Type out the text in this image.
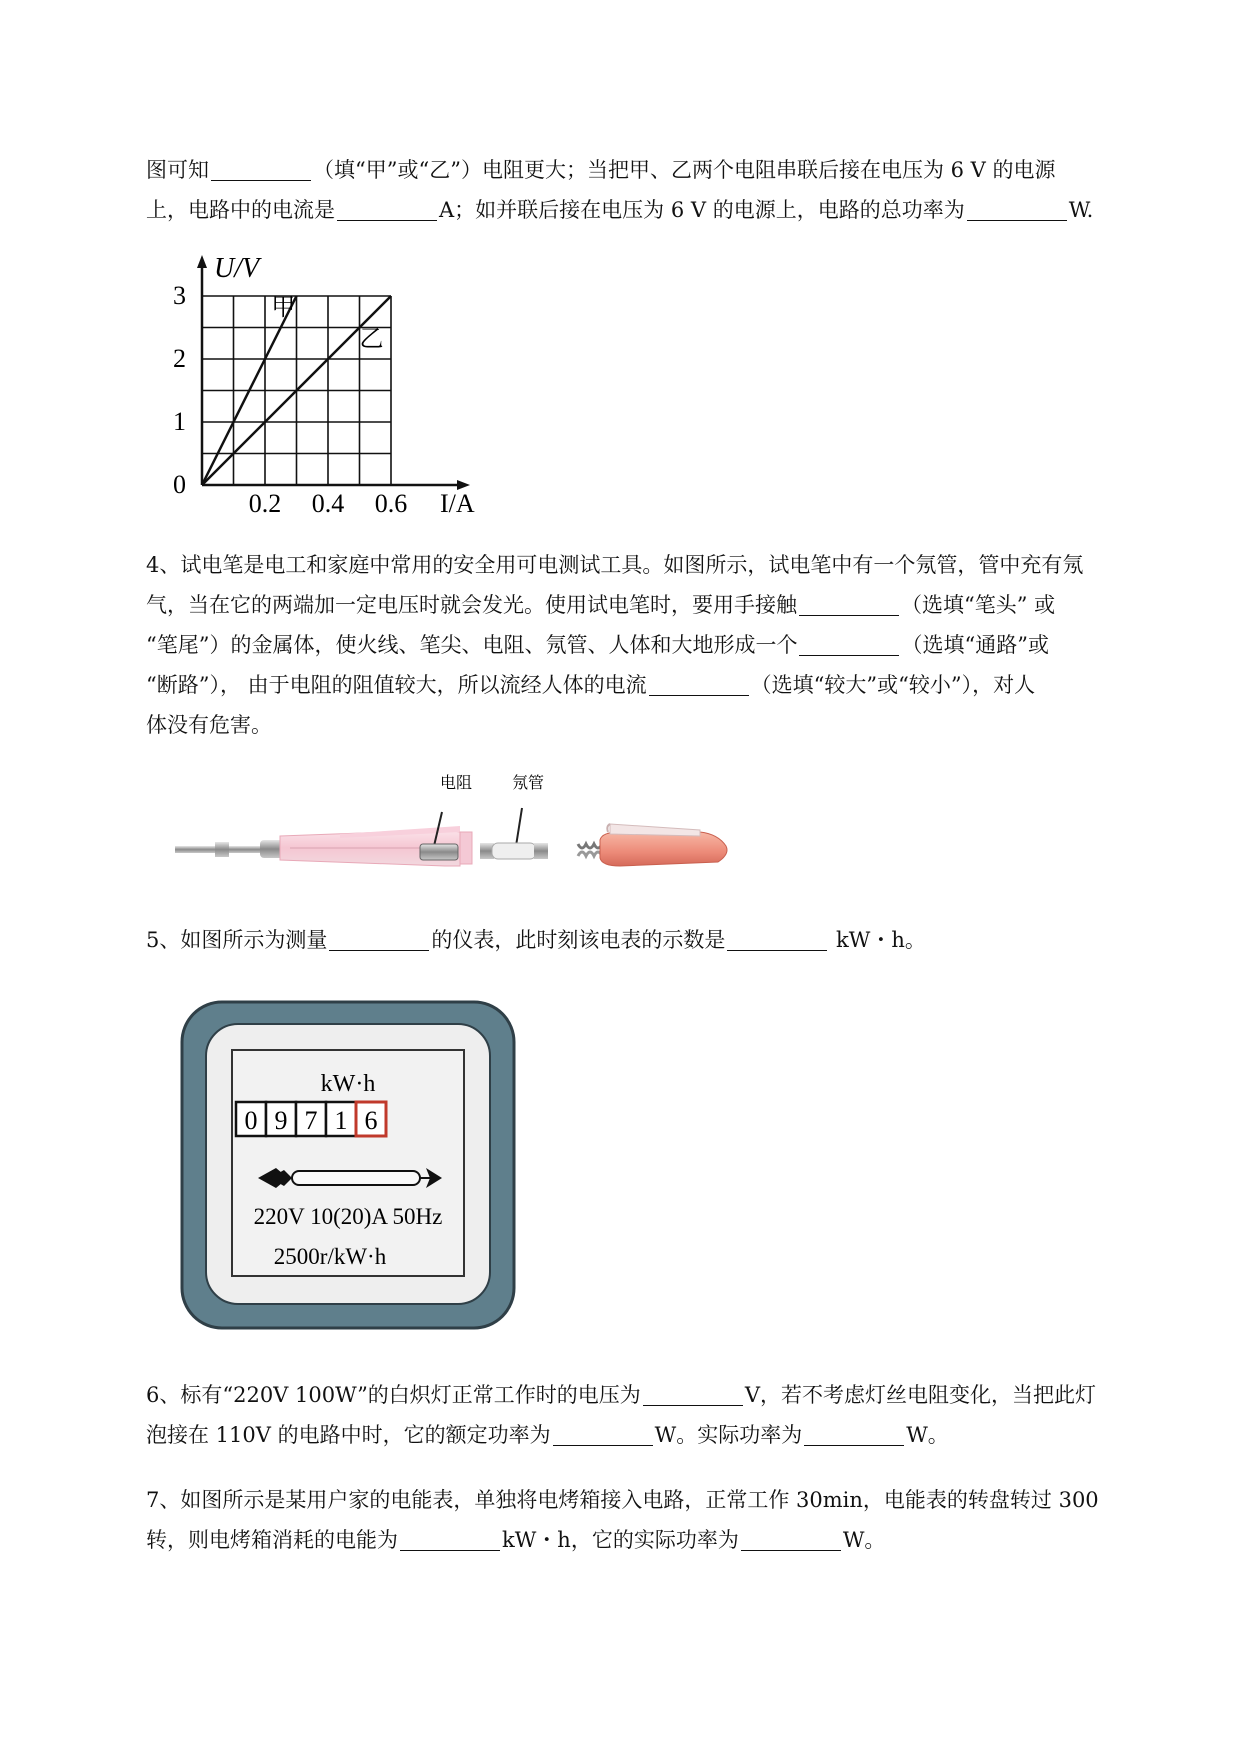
图可知	（填“甲”或“乙”）电阻更大；当把甲、乙两个电阻串联后接在电压为 6 V 的电源

上，电路中的电流是	A；如并联后接在电压为 6 V 的电源上，电路的总功率为	W.

甲
乙
0
1
2
3
0.2 0.4 0.6
U/V
I/A

4、试电笔是电工和家庭中常用的安全用可电测试工具。如图所示，试电笔中有一个氖管，管中充有氖

气，当在它的两端加一定电压时就会发光。使用试电笔时，要用手接触	（选填“笔头” 或

“笔尾”）的金属体，使火线、笔尖、电阻、氖管、人体和大地形成一个	（选填“通路”或

“断路”）， 由于电阻的阻值较大，所以流经人体的电流	（选填“较大”或“较小”），对人

体没有危害。

电阻 氖管

5、如图所示为测量	的仪表，此时刻该电表的示数是	kW・h。

kW·h
0 9 7 1 6
220V 10(20)A 50Hz
2500r/kW·h

6、标有“220V 100W”的白炽灯正常工作时的电压为	V，若不考虑灯丝电阻变化，当把此灯

泡接在 110V 的电路中时，它的额定功率为	W。实际功率为	W。

7、如图所示是某用户家的电能表，单独将电烤箱接入电路，正常工作 30min，电能表的转盘转过 300

转，则电烤箱消耗的电能为	kW・h，它的实际功率为	W。
